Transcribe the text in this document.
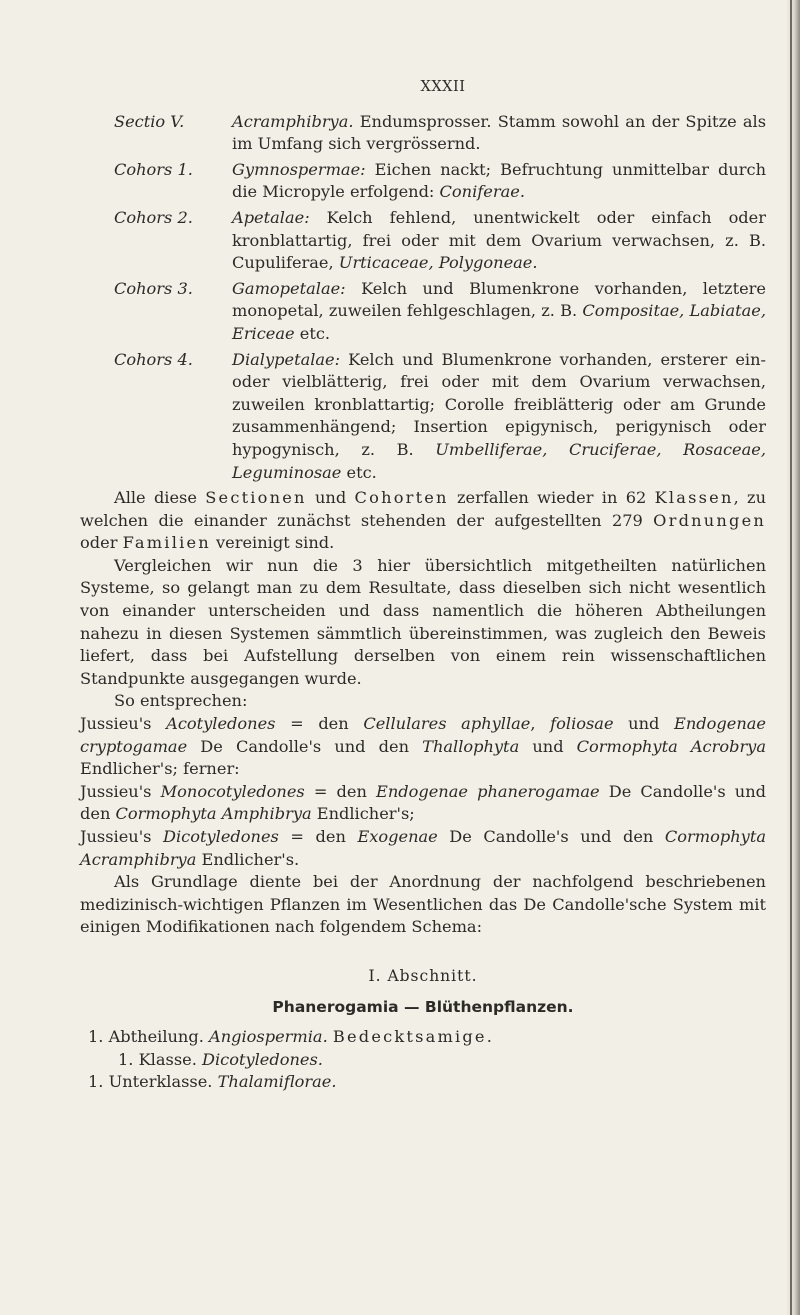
XXXII
Sectio V.	Acramphibrya. Endumsprosser. Stamm sowohl an der Spitze als im Umfang sich vergrössernd.
Cohors 1. Gymnospermae: Eichen nackt; Befruchtung unmittelbar durch die Micropyle erfolgend: Coniferae.
Cohors 2. Apetalae: Kelch fehlend, unentwickelt oder einfach oder kronblattartig, frei oder mit dem Ovarium verwachsen, z. B. Cupuliferae, Urticaceae, Polygoneae.
Cohors 3. Gamopetalae: Kelch und Blumenkrone vorhanden, letztere monopetal, zuweilen fehlgeschlagen, z. B. Compositae, Labiatae, Ericeae etc.
Cohors 4. Dialypetalae: Kelch und Blumenkrone vorhanden, ersterer ein- oder vielblätterig, frei oder mit dem Ovarium verwachsen, zuweilen kronblattartig; Corolle freiblätterig oder am Grunde zusammenhängend; Insertion epigynisch, perigynisch oder hypogynisch, z. B. Umbelliferae, Cruciferae, Rosaceae, Leguminosae etc.

Alle diese Sectionen und Cohorten zerfallen wieder in 62 Klassen, zu welchen die einander zunächst stehenden der aufgestellten 279 Ordnungen oder Familien vereinigt sind.

Vergleichen wir nun die 3 hier übersichtlich mitgetheilten natürlichen Systeme, so gelangt man zu dem Resultate, dass dieselben sich nicht wesentlich von einander unterscheiden und dass namentlich die höheren Abtheilungen nahezu in diesen Systemen sämmtlich übereinstimmen, was zugleich den Beweis liefert, dass bei Aufstellung derselben von einem rein wissenschaftlichen Standpunkte ausgegangen wurde.

So entsprechen:

Jussieu's Acotyledones = den Cellulares aphyllae, foliosae und Endogenae cryptogamae De Candolle's und den Thallophyta und Cormophyta Acrobrya Endlicher's; ferner:

Jussieu's Monocotyledones = den Endogenae phanerogamae De Candolle's und den Cormophyta Amphibrya Endlicher's;

Jussieu's Dicotyledones = den Exogenae De Candolle's und den Cormophyta Acramphibrya Endlicher's.

Als Grundlage diente bei der Anordnung der nachfolgend beschriebenen medizinisch-wichtigen Pflanzen im Wesentlichen das De Candolle'sche System mit einigen Modifikationen nach folgendem Schema:

I. Abschnitt.
Phanerogamia — Blüthenpflanzen.
1. Abtheilung. Angiospermia. Bedecktsamige.
1. Klasse. Dicotyledones.
1. Unterklasse. Thalamiflorae.
